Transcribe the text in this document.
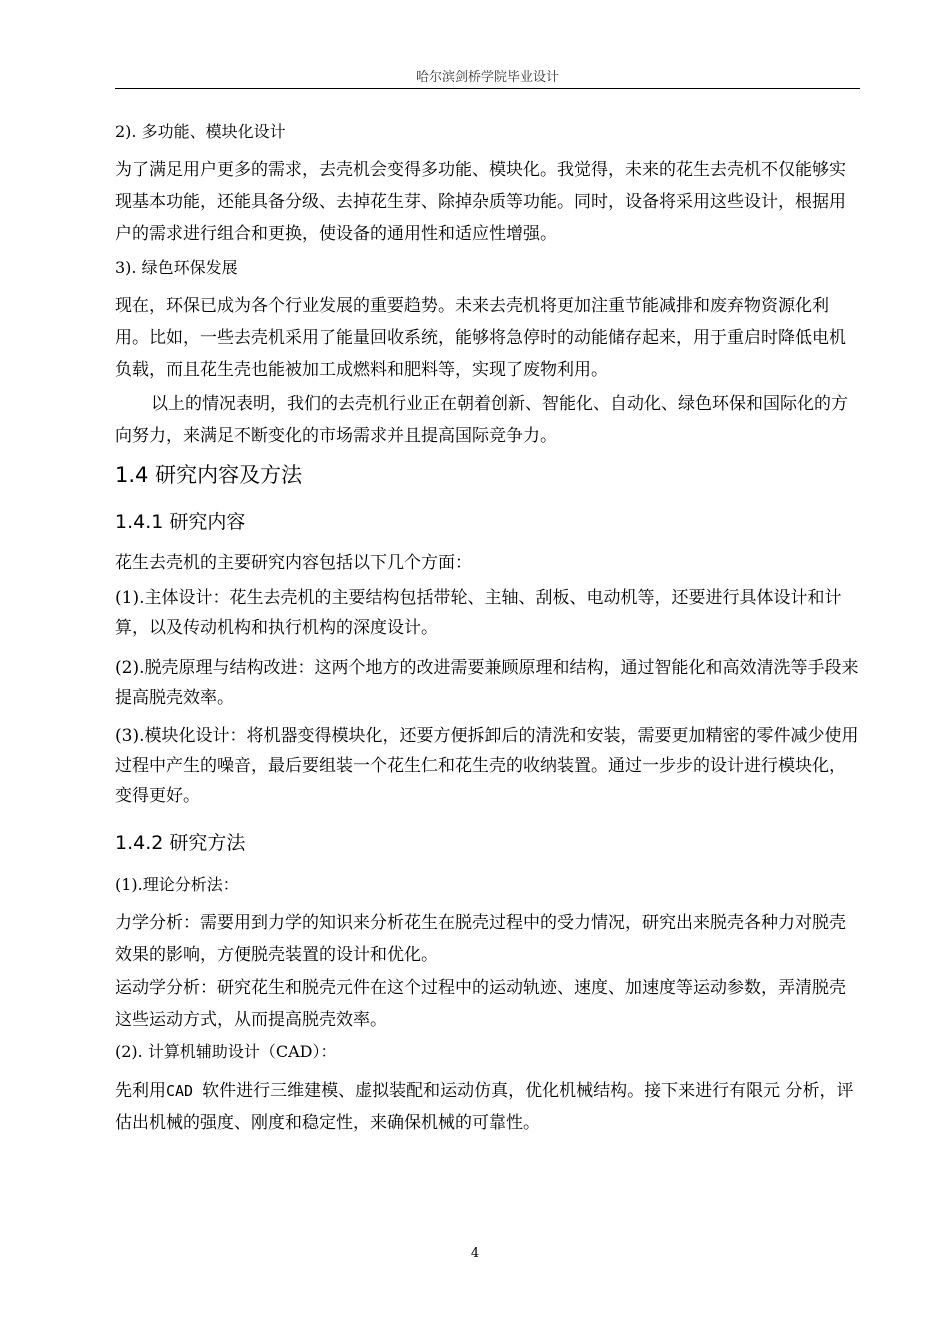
哈尔滨剑桥学院毕业设计

2). 多功能、模块化设计

为了满足用户更多的需求，去壳机会变得多功能、模块化。我觉得，未来的花生去壳机不仅能够实现基本功能，还能具备分级、去掉花生芽、除掉杂质等功能。同时，设备将采用这些设计，根据用户的需求进行组合和更换，使设备的通用性和适应性增强。

3). 绿色环保发展

现在，环保已成为各个行业发展的重要趋势。未来去壳机将更加注重节能减排和废弃物资源化利用。比如，一些去壳机采用了能量回收系统，能够将急停时的动能储存起来，用于重启时降低电机负载，而且花生壳也能被加工成燃料和肥料等，实现了废物利用。

以上的情况表明，我们的去壳机行业正在朝着创新、智能化、自动化、绿色环保和国际化的方向努力，来满足不断变化的市场需求并且提高国际竞争力。

1.4 研究内容及方法
1.4.1 研究内容

花生去壳机的主要研究内容包括以下几个方面：

(1).主体设计：花生去壳机的主要结构包括带轮、主轴、刮板、电动机等，还要进行具体设计和计算，以及传动机构和执行机构的深度设计。

(2).脱壳原理与结构改进：这两个地方的改进需要兼顾原理和结构，通过智能化和高效清洗等手段来提高脱壳效率。

(3).模块化设计：将机器变得模块化，还要方便拆卸后的清洗和安装，需要更加精密的零件减少使用过程中产生的噪音，最后要组装一个花生仁和花生壳的收纳装置。通过一步步的设计进行模块化，变得更好。

1.4.2 研究方法

(1).理论分析法：

力学分析：需要用到力学的知识来分析花生在脱壳过程中的受力情况，研究出来脱壳各种力对脱壳效果的影响，方便脱壳装置的设计和优化。

运动学分析：研究花生和脱壳元件在这个过程中的运动轨迹、速度、加速度等运动参数，弄清脱壳这些运动方式，从而提高脱壳效率。

(2). 计算机辅助设计（CAD）：

先利用CAD 软件进行三维建模、虚拟装配和运动仿真，优化机械结构。接下来进行有限元 分析，评估出机械的强度、刚度和稳定性，来确保机械的可靠性。

4
